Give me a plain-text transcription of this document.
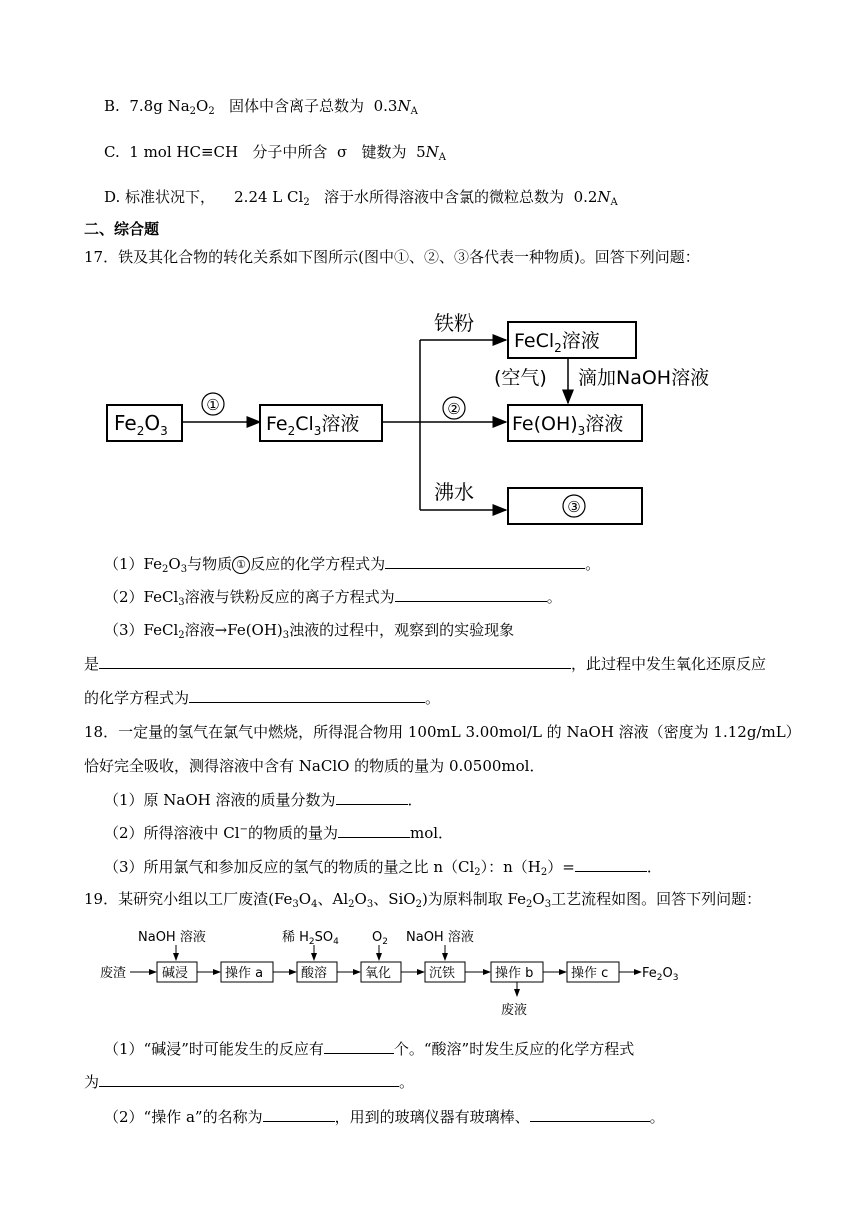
B. 7.8g $Na_2O_2$ 固体中含离子总数为 $0.3N_A$
C. 1 mol HC≡CH 分子中所含 σ 键数为 $5N_A$
D. 标准状况下， 2.24 L $Cl_2$ 溶于水所得溶液中含氯的微粒总数为 $0.2N_A$
二、综合题
17．铁及其化合物的转化关系如下图所示(图中①、②、③各代表一种物质)。回答下列问题：
$Fe_2O_3$
①
$Fe_2Cl_3$溶液
铁粉
②
沸水
FeCl$_2$溶液
(空气) 滴加NaOH溶液
$Fe(OH)_3$溶液
③
$(1)Fe_2O_3$与物质 ① 反应的化学方程式为	。
（2）FeCl$_3$溶液与铁粉反应的离子方程式为	。
（3）FeCl$_2$溶液$\to Fe(OH)_3$浊液的过程中，观察到的实验现象
是	，此过程中发生氧化还原反应
的化学方程式为	。
18．一定量的氢气在氯气中燃烧，所得混合物用 100mL 3.00mol/L 的 NaOH 溶液（密度为 1.12g/mL）
恰好完全吸收，测得溶液中含有 NaClO 的物质的量为 0.0500mol．
（1）原 NaOH 溶液的质量分数为	．
（2）所得溶液中 Cl−的物质的量为	mol．
（3）所用氯气和参加反应的氢气的物质的量之比 $n(Cl_2)$：$n(H_2)=$	．
19．某研究小组以工厂废渣($Fe_3O_4$、$Al_2O_3$、SiO$_2$)为原料制取 $Fe_2O_3$工艺流程如图。回答下列问题：
NaOH 溶液	稀 $H_2SO_4$	$O_2$ NaOH 溶液
废渣	碱浸	操作 a	酸溶	氧化	沉铁	操作 b
废液
操作 c	$Fe_2O_3$
（1）“碱浸”时可能发生的反应有	个。“酸溶”时发生反应的化学方程式
为	。
（2）“操作 a”的名称为	，用到的玻璃仪器有玻璃棒、	。
